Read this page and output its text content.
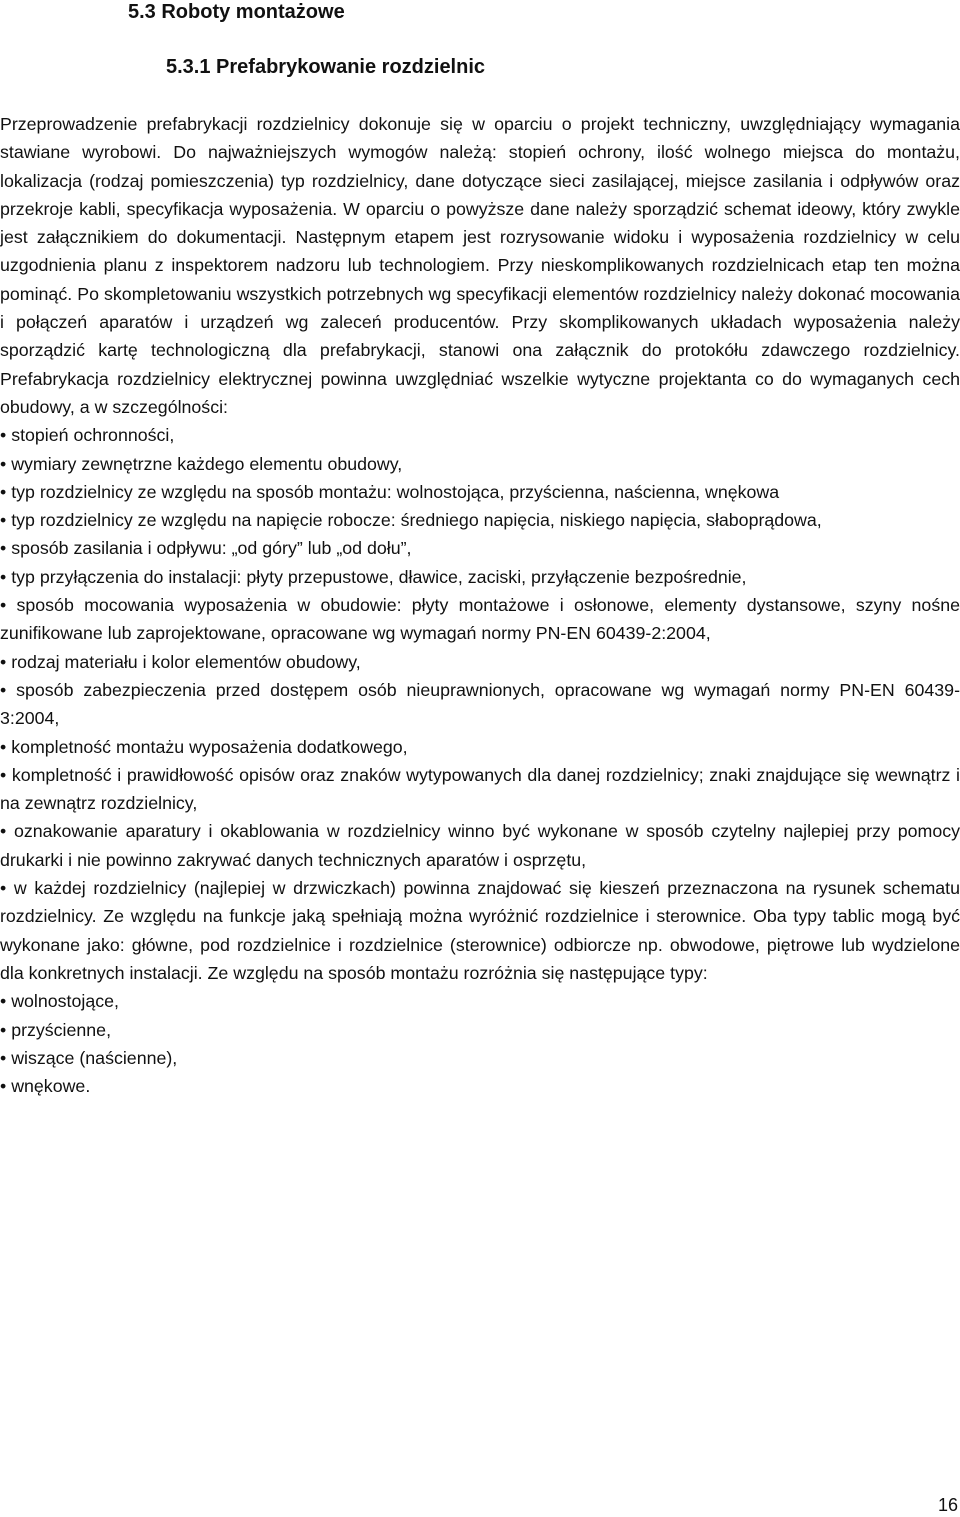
5.3 Roboty montażowe
5.3.1 Prefabrykowanie rozdzielnic

Przeprowadzenie prefabrykacji rozdzielnicy dokonuje się w oparciu o projekt techniczny, uwzględniający wymagania stawiane wyrobowi. Do najważniejszych wymogów należą: stopień ochrony, ilość wolnego miejsca do montażu, lokalizacja (rodzaj pomieszczenia) typ rozdzielnicy, dane dotyczące sieci zasilającej, miejsce zasilania i odpływów oraz przekroje kabli, specyfikacja wyposażenia. W oparciu o powyższe dane należy sporządzić schemat ideowy, który zwykle jest załącznikiem do dokumentacji. Następnym etapem jest rozrysowanie widoku i wyposażenia rozdzielnicy w celu uzgodnienia planu z inspektorem nadzoru lub technologiem. Przy nieskomplikowanych rozdzielnicach etap ten można pominąć. Po skompletowaniu wszystkich potrzebnych wg specyfikacji elementów rozdzielnicy należy dokonać mocowania i połączeń aparatów i urządzeń wg zaleceń producentów. Przy skomplikowanych układach wyposażenia należy sporządzić kartę technologiczną dla prefabrykacji, stanowi ona załącznik do protokółu zdawczego rozdzielnicy. Prefabrykacja rozdzielnicy elektrycznej powinna uwzględniać wszelkie wytyczne projektanta co do wymaganych cech obudowy, a w szczególności:

• stopień ochronności,

• wymiary zewnętrzne każdego elementu obudowy,

• typ rozdzielnicy ze względu na sposób montażu: wolnostojąca, przyścienna, naścienna, wnękowa

• typ rozdzielnicy ze względu na napięcie robocze: średniego napięcia, niskiego napięcia, słaboprądowa,

• sposób zasilania i odpływu: „od góry” lub „od dołu”,

• typ przyłączenia do instalacji: płyty przepustowe, dławice, zaciski, przyłączenie bezpośrednie,

• sposób mocowania wyposażenia w obudowie: płyty montażowe i osłonowe, elementy dystansowe, szyny nośne zunifikowane lub zaprojektowane, opracowane wg wymagań normy PN-EN 60439-2:2004,

• rodzaj materiału i kolor elementów obudowy,

• sposób zabezpieczenia przed dostępem osób nieuprawnionych, opracowane wg wymagań normy PN-EN 60439-3:2004,

• kompletność montażu wyposażenia dodatkowego,

• kompletność i prawidłowość opisów oraz znaków wytypowanych dla danej rozdzielnicy; znaki znajdujące się wewnątrz i na zewnątrz rozdzielnicy,

• oznakowanie aparatury i okablowania w rozdzielnicy winno być wykonane w sposób czytelny najlepiej przy pomocy drukarki i nie powinno zakrywać danych technicznych aparatów i osprzętu,

• w każdej rozdzielnicy (najlepiej w drzwiczkach) powinna znajdować się kieszeń przeznaczona na rysunek schematu rozdzielnicy. Ze względu na funkcje jaką spełniają można wyróżnić rozdzielnice i sterownice. Oba typy tablic mogą być wykonane jako: główne, pod rozdzielnice i rozdzielnice (sterownice) odbiorcze np. obwodowe, piętrowe lub wydzielone dla konkretnych instalacji. Ze względu na sposób montażu rozróżnia się następujące typy:

• wolnostojące,

• przyścienne,

• wiszące (naścienne),

• wnękowe.

16
